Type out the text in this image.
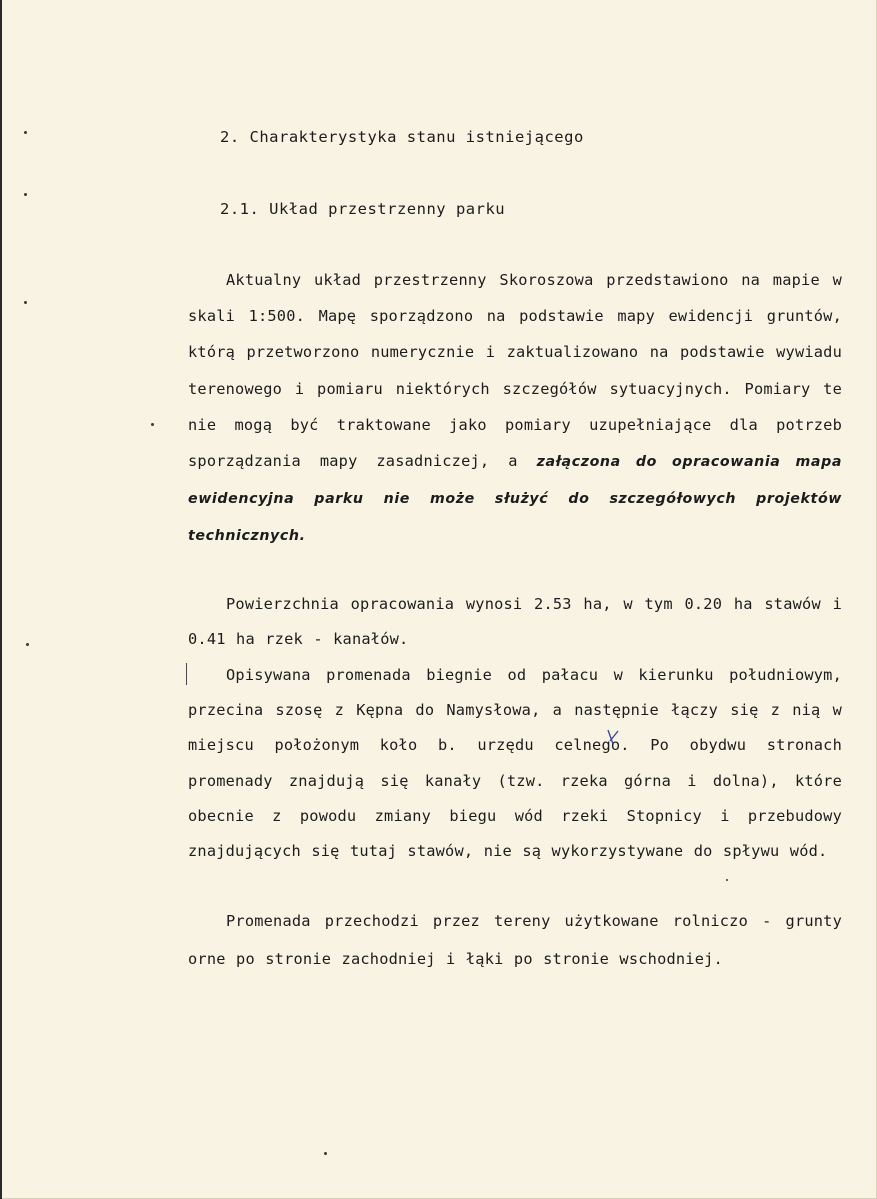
2. Charakterystyka stanu istniejącego
2.1. Układ przestrzenny parku

Aktualny układ przestrzenny Skoroszowa przedstawiono na mapie w skali 1:500. Mapę sporządzono na podstawie mapy ewidencji gruntów, którą przetworzono numerycznie i zaktualizowano na podstawie wywiadu terenowego i pomiaru niektórych szczegółów sytuacyjnych. Pomiary te nie mogą być traktowane jako pomiary uzupełniające dla potrzeb sporządzania mapy zasadniczej, a załączona do opracowania mapa ewidencyjna parku nie może służyć do szczegółowych projektów technicznych.

Powierzchnia opracowania wynosi 2.53 ha, w tym 0.20 ha stawów i 0.41 ha rzek - kanałów.

Opisywana promenada biegnie od pałacu w kierunku południowym, przecina szosę z Kępna do Namysłowa, a następnie łączy się z nią w miejscu położonym koło b. urzędu celnego. Po obydwu stronach promenady znajdują się kanały (tzw. rzeka górna i dolna), które obecnie z powodu zmiany biegu wód rzeki Stopnicy i przebudowy znajdujących się tutaj stawów, nie są wykorzystywane do spływu wód.

Promenada przechodzi przez tereny użytkowane rolniczo - grunty orne po stronie zachodniej i łąki po stronie wschodniej.
